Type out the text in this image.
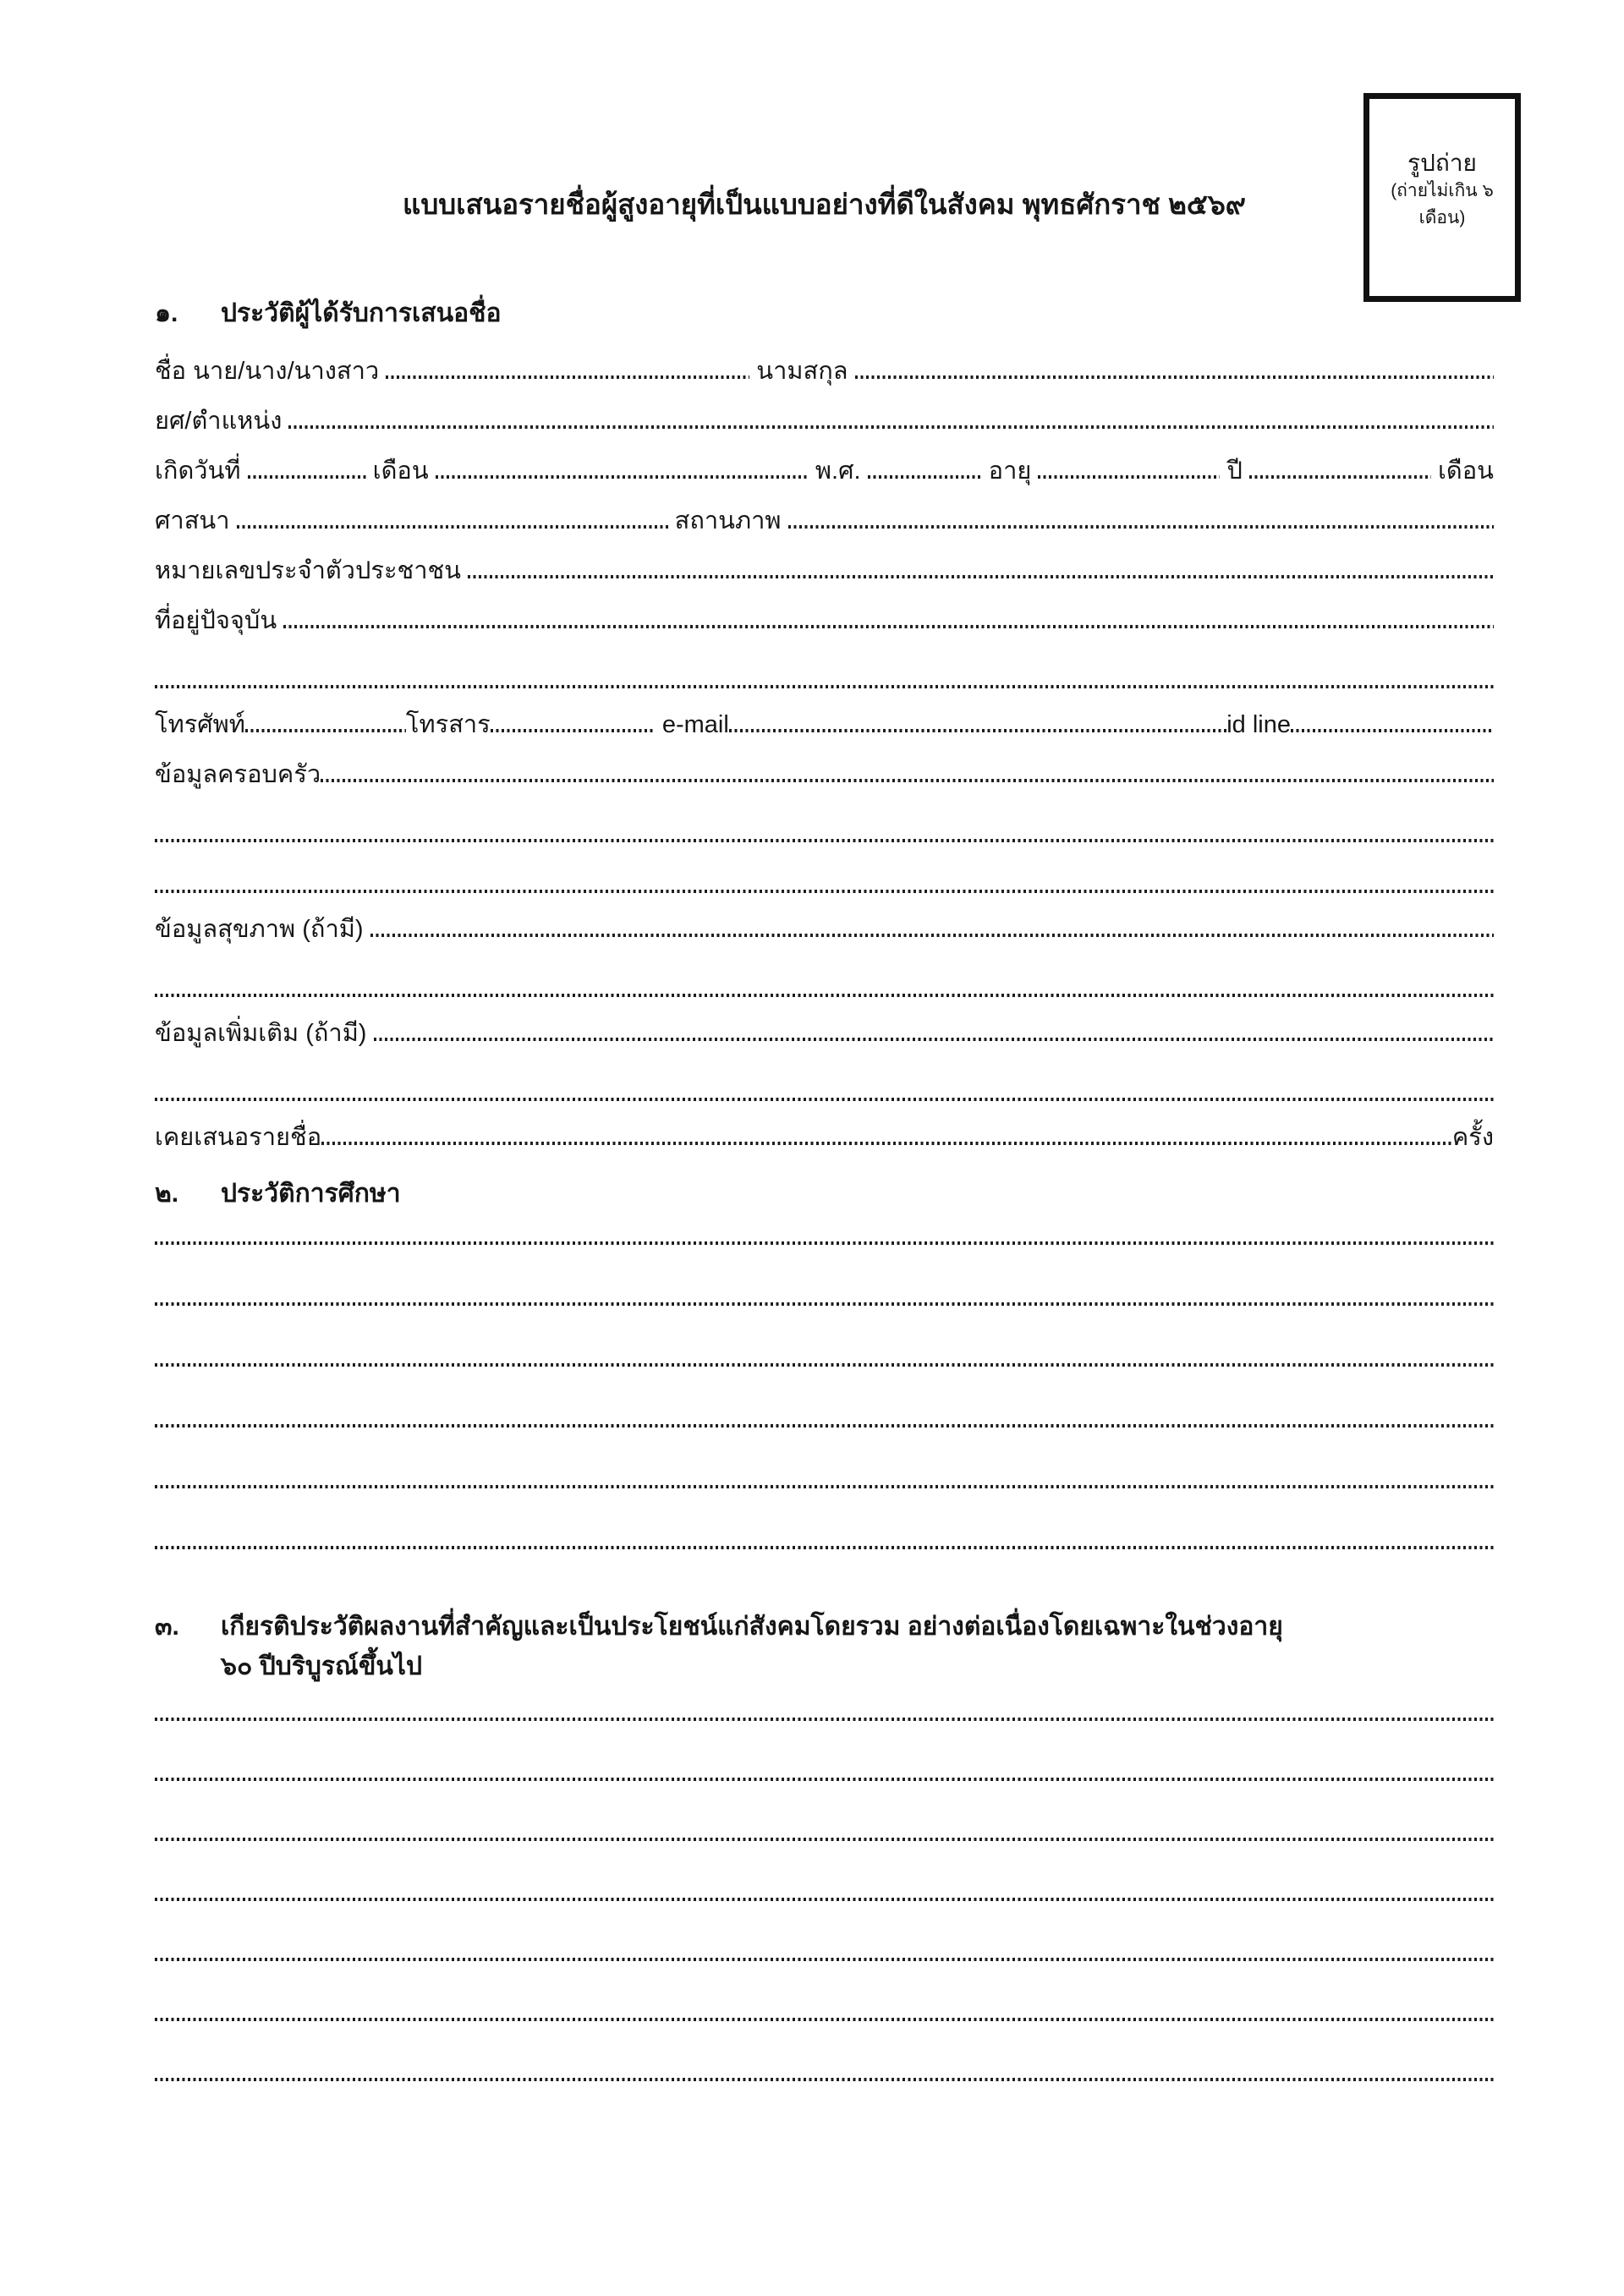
รูปถ่าย
(ถ่ายไม่เกิน ๖
เดือน)
แบบเสนอรายชื่อผู้สูงอายุที่เป็นแบบอย่างที่ดีในสังคม พุทธศักราช ๒๕๖๙
๑.	ประวัติผู้ได้รับการเสนอชื่อ
ชื่อ นาย/นาง/นางสาว	นามสกุล
ยศ/ตำแหน่ง
เกิดวันที่	เดือน	พ.ศ.	อายุ	ปี	เดือน
ศาสนา	สถานภาพ
หมายเลขประจำตัวประชาชน
ที่อยู่ปัจจุบัน
โทรศัพท์	โทรสาร	e-mail	id line
ข้อมูลครอบครัว
ข้อมูลสุขภาพ (ถ้ามี)
ข้อมูลเพิ่มเติม (ถ้ามี)
เคยเสนอรายชื่อ	ครั้ง
๒.	ประวัติการศึกษา
๓.	เกียรติประวัติผลงานที่สำคัญและเป็นประโยชน์แก่สังคมโดยรวม อย่างต่อเนื่องโดยเฉพาะในช่วงอายุ
๖๐ ปีบริบูรณ์ขึ้นไป
